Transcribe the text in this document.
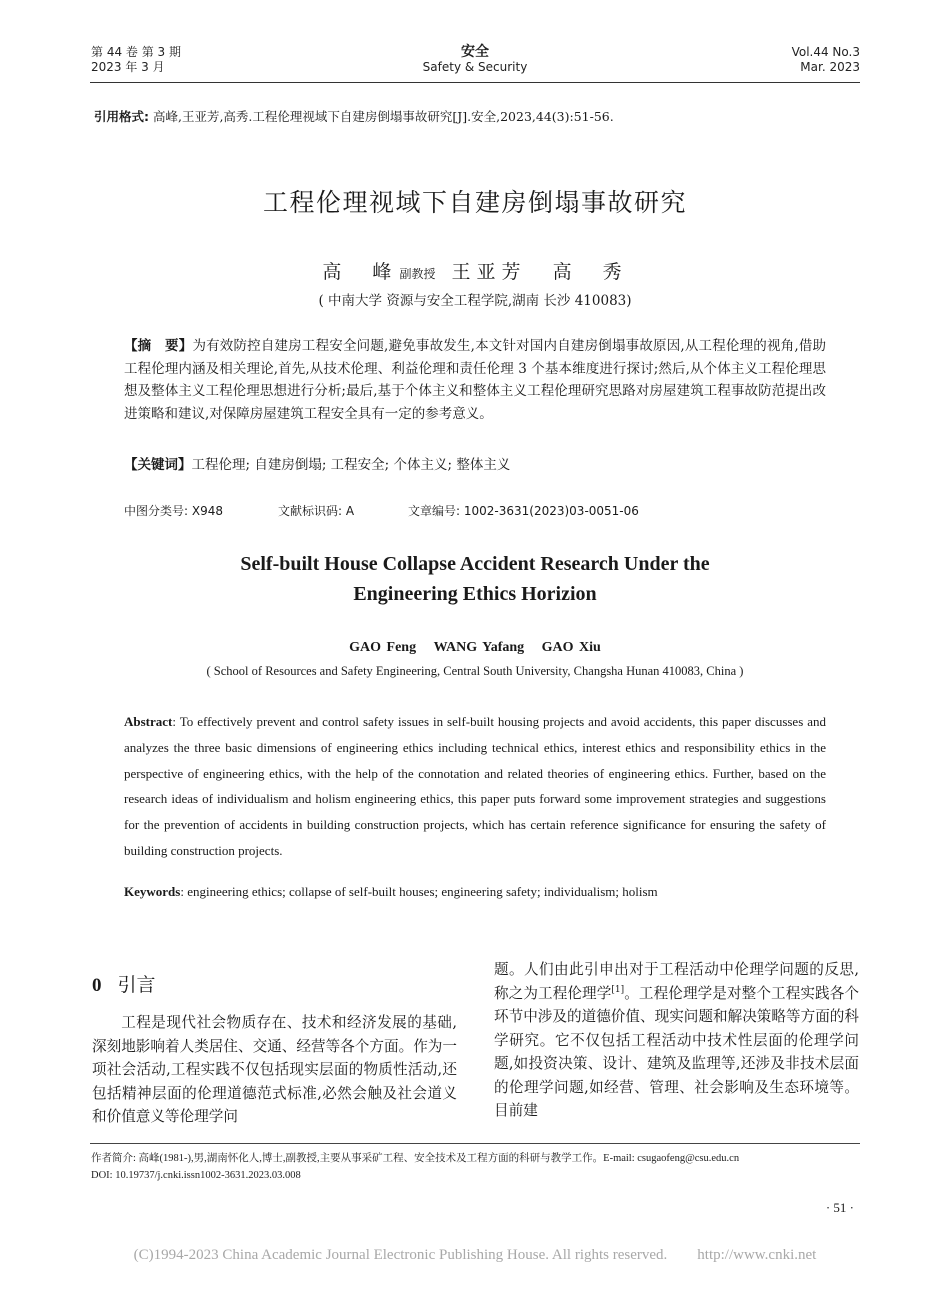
第 44 卷 第 3 期
2023 年 3 月
安全
Safety & Security
Vol.44 No.3
Mar. 2023
引用格式: 高峰,王亚芳,高秀.工程伦理视域下自建房倒塌事故研究[J].安全,2023,44(3):51-56.
工程伦理视域下自建房倒塌事故研究
高　峰 副教授 王亚芳 高　秀
( 中南大学 资源与安全工程学院,湖南 长沙 410083)
【摘　要】为有效防控自建房工程安全问题,避免事故发生,本文针对国内自建房倒塌事故原因,从工程伦理的视角,借助工程伦理内涵及相关理论,首先,从技术伦理、利益伦理和责任伦理 3 个基本维度进行探讨;然后,从个体主义工程伦理思想及整体主义工程伦理思想进行分析;最后,基于个体主义和整体主义工程伦理研究思路对房屋建筑工程事故防范提出改进策略和建议,对保障房屋建筑工程安全具有一定的参考意义。
【关键词】工程伦理; 自建房倒塌; 工程安全; 个体主义; 整体主义
中图分类号: X948	文献标识码: A	文章编号: 1002-3631(2023)03-0051-06
Self-built House Collapse Accident Research Under the
Engineering Ethics Horizion
GAO Feng WANG Yafang GAO Xiu
( School of Resources and Safety Engineering, Central South University, Changsha Hunan 410083, China )
Abstract: To effectively prevent and control safety issues in self-built housing projects and avoid accidents, this paper discusses and analyzes the three basic dimensions of engineering ethics including technical ethics, interest ethics and responsibility ethics in the perspective of engineering ethics, with the help of the connotation and related theories of engineering ethics. Further, based on the research ideas of individualism and holism engineering ethics, this paper puts forward some improvement strategies and suggestions for the prevention of accidents in building construction projects, which has certain reference significance for ensuring the safety of building construction projects.
Keywords: engineering ethics; collapse of self-built houses; engineering safety; individualism; holism
0 引言
工程是现代社会物质存在、技术和经济发展的基础,深刻地影响着人类居住、交通、经营等各个方面。作为一项社会活动,工程实践不仅包括现实层面的物质性活动,还包括精神层面的伦理道德范式标准,必然会触及社会道义和价值意义等伦理学问
题。人们由此引申出对于工程活动中伦理学问题的反思,称之为工程伦理学[1]。工程伦理学是对整个工程实践各个环节中涉及的道德价值、现实问题和解决策略等方面的科学研究。它不仅包括工程活动中技术性层面的伦理学问题,如投资决策、设计、建筑及监理等,还涉及非技术层面的伦理学问题,如经营、管理、社会影响及生态环境等。目前建
作者简介: 高峰(1981-),男,湖南怀化人,博士,副教授,主要从事采矿工程、安全技术及工程方面的科研与教学工作。E-mail: csugaofeng@csu.edu.cn
DOI: 10.19737/j.cnki.issn1002-3631.2023.03.008
· 51 ·
(C)1994-2023 China Academic Journal Electronic Publishing House. All rights reserved.　　http://www.cnki.net
